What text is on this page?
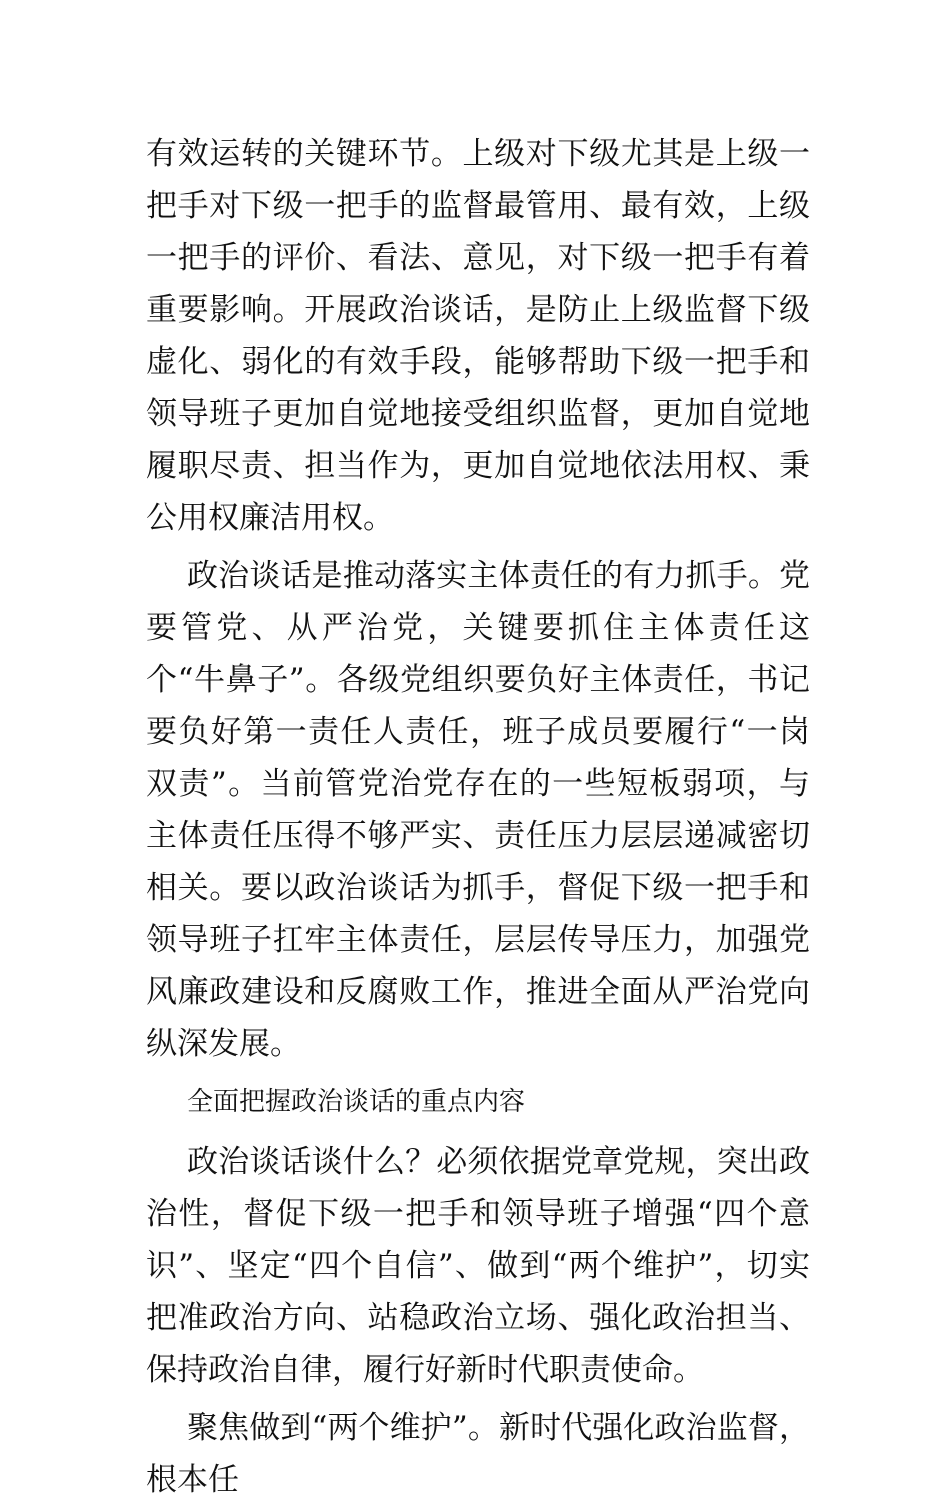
有效运转的关键环节。上级对下级尤其是上级一把手对下级一把手的监督最管用、最有效，上级一把手的评价、看法、意见，对下级一把手有着重要影响。开展政治谈话，是防止上级监督下级虚化、弱化的有效手段，能够帮助下级一把手和领导班子更加自觉地接受组织监督，更加自觉地履职尽责、担当作为，更加自觉地依法用权、秉公用权廉洁用权。

政治谈话是推动落实主体责任的有力抓手。党要管党、从严治党，关键要抓住主体责任这个“牛鼻子”。各级党组织要负好主体责任，书记要负好第一责任人责任，班子成员要履行“一岗双责”。当前管党治党存在的一些短板弱项，与主体责任压得不够严实、责任压力层层递减密切相关。要以政治谈话为抓手，督促下级一把手和领导班子扛牢主体责任，层层传导压力，加强党风廉政建设和反腐败工作，推进全面从严治党向纵深发展。

全面把握政治谈话的重点内容

政治谈话谈什么？必须依据党章党规，突出政治性，督促下级一把手和领导班子增强“四个意识”、坚定“四个自信”、做到“两个维护”，切实把准政治方向、站稳政治立场、强化政治担当、保持政治自律，履行好新时代职责使命。

聚焦做到“两个维护”。新时代强化政治监督，根本任
